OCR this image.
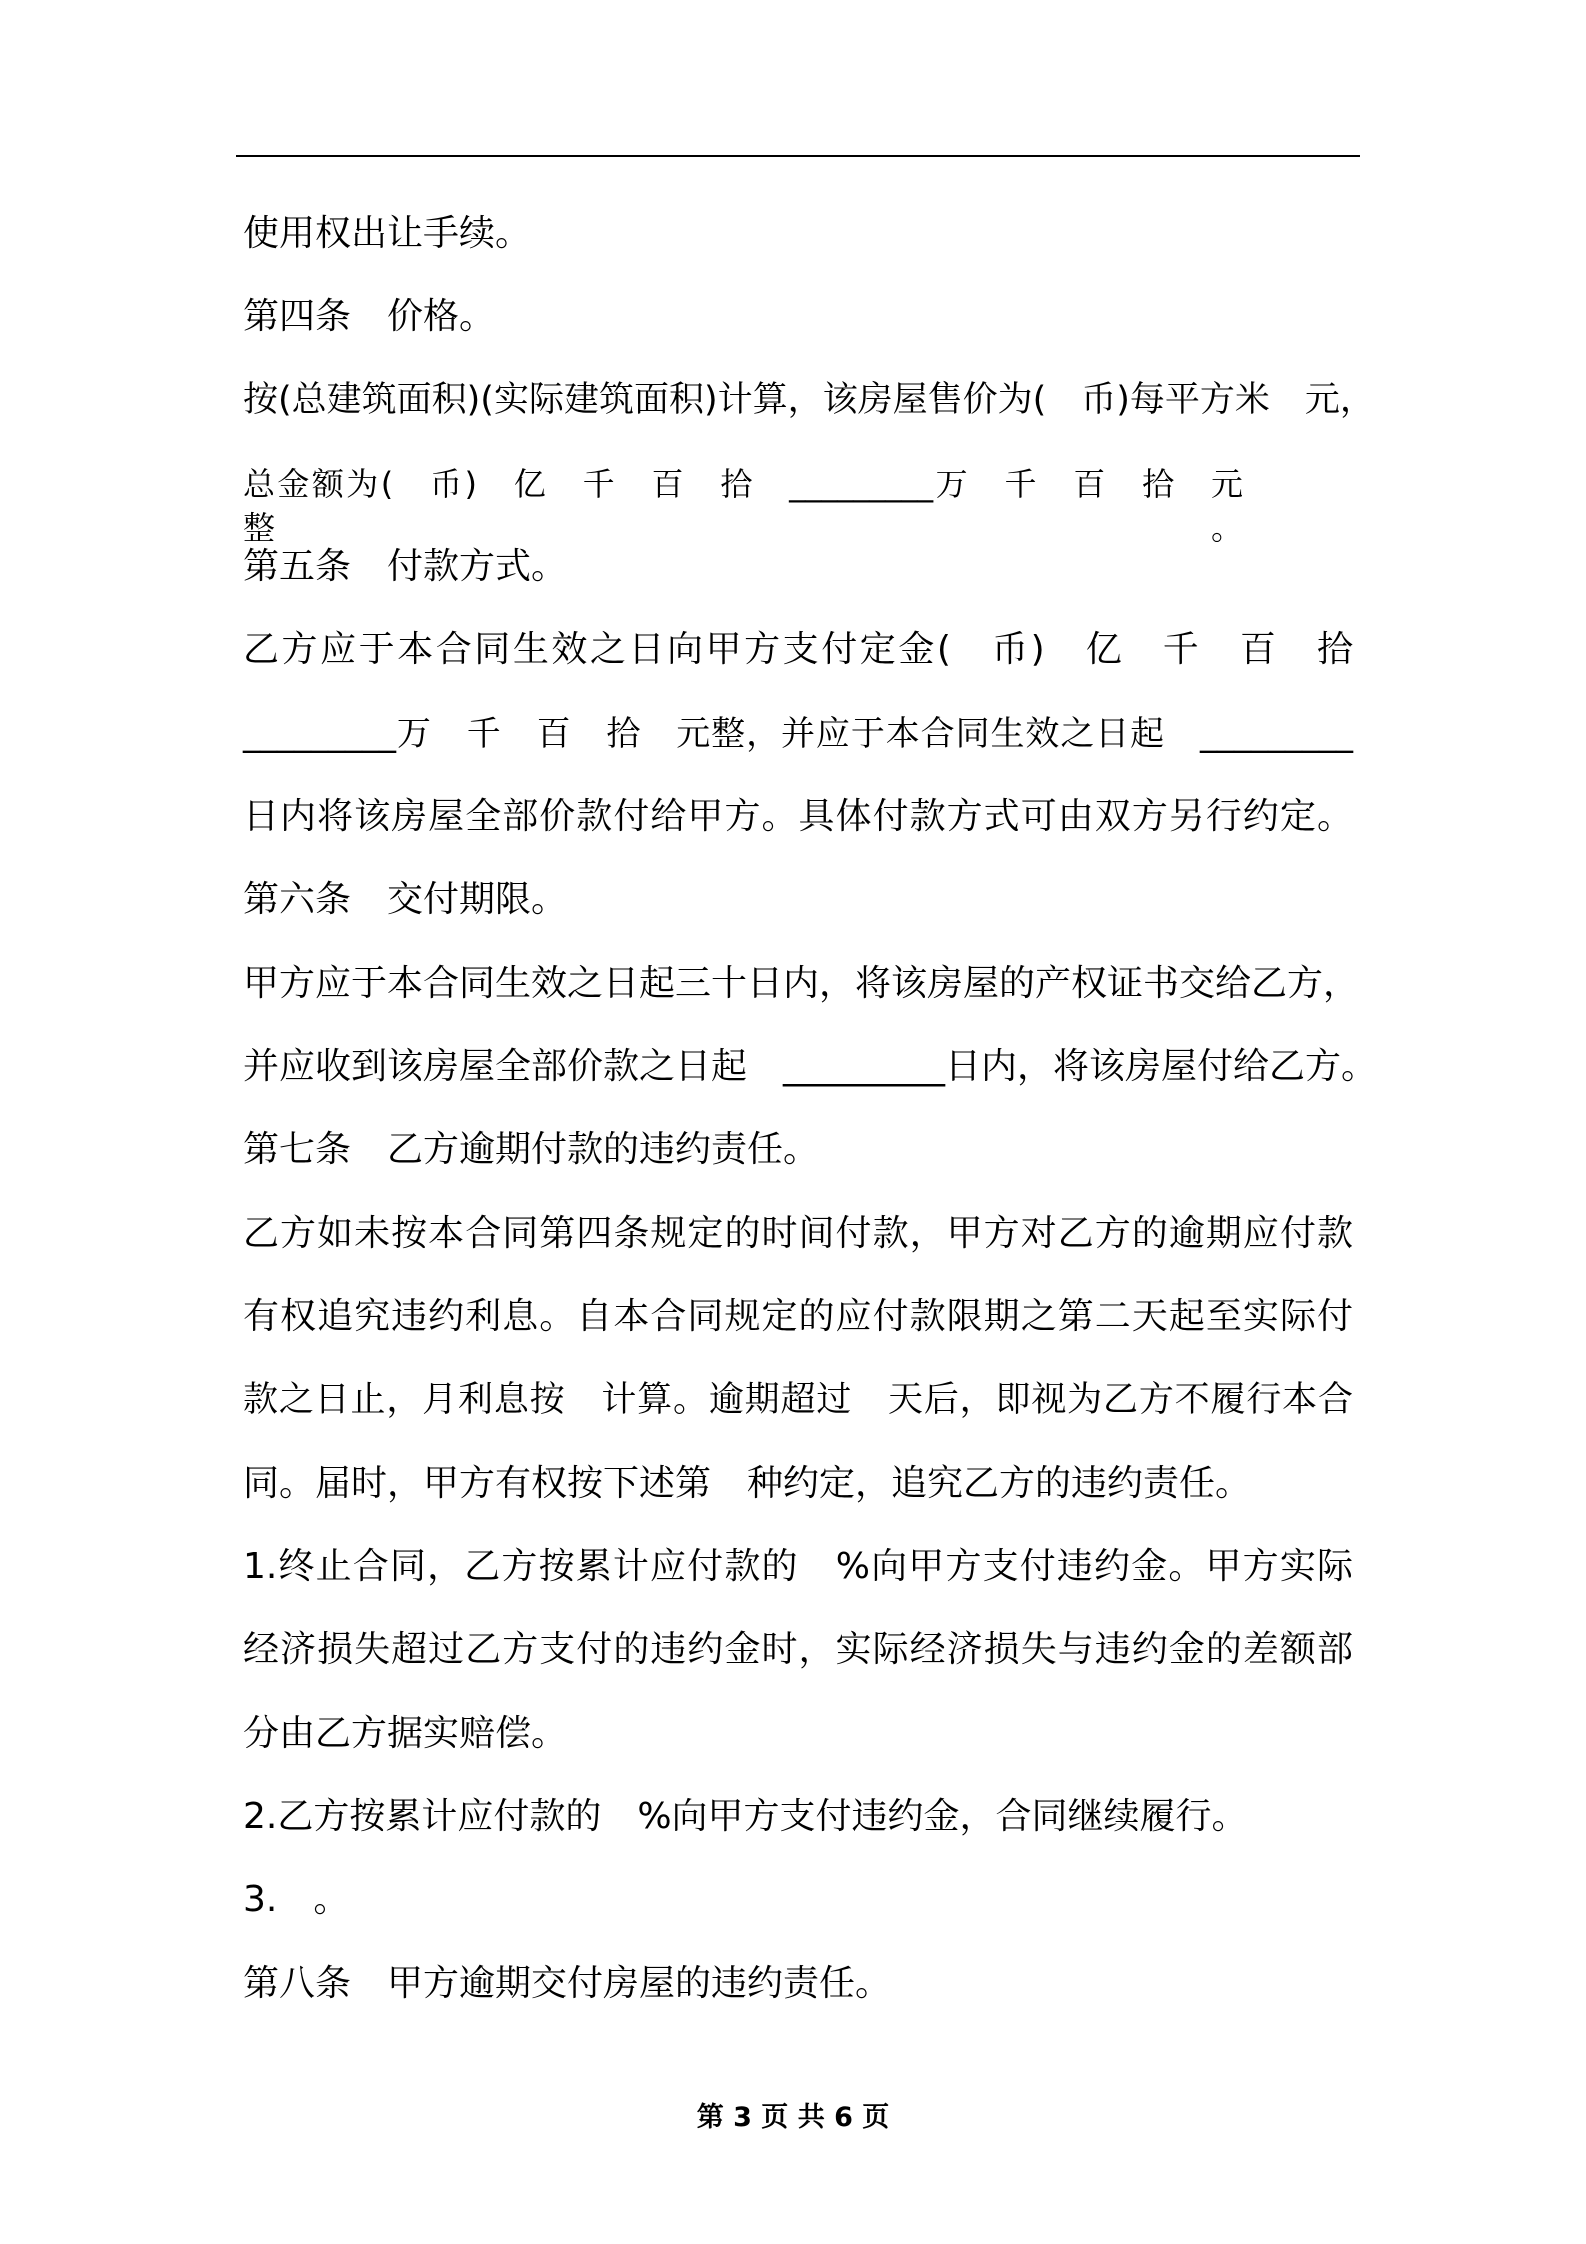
使用权出让手续。
第四条　价格。
按(总建筑面积)(实际建筑面积)计算，该房屋售价为(　币)每平方米　元，
总金额为(　币)　亿　千　百　拾　_________万　千　百　拾　元整。
第五条　付款方式。
乙方应于本合同生效之日向甲方支付定金(　币)　亿　千　百　拾
_________万　千　百　拾　元整，并应于本合同生效之日起　_________
日内将该房屋全部价款付给甲方。具体付款方式可由双方另行约定。
第六条　交付期限。
甲方应于本合同生效之日起三十日内，将该房屋的产权证书交给乙方，
并应收到该房屋全部价款之日起　_________日内，将该房屋付给乙方。
第七条　乙方逾期付款的违约责任。
乙方如未按本合同第四条规定的时间付款，甲方对乙方的逾期应付款
有权追究违约利息。自本合同规定的应付款限期之第二天起至实际付
款之日止，月利息按　计算。逾期超过　天后，即视为乙方不履行本合
同。届时，甲方有权按下述第　种约定，追究乙方的违约责任。
1.终止合同，乙方按累计应付款的　%向甲方支付违约金。甲方实际
经济损失超过乙方支付的违约金时，实际经济损失与违约金的差额部
分由乙方据实赔偿。
2.乙方按累计应付款的　%向甲方支付违约金，合同继续履行。
3.　。
第八条　甲方逾期交付房屋的违约责任。
第 3 页 共 6 页
